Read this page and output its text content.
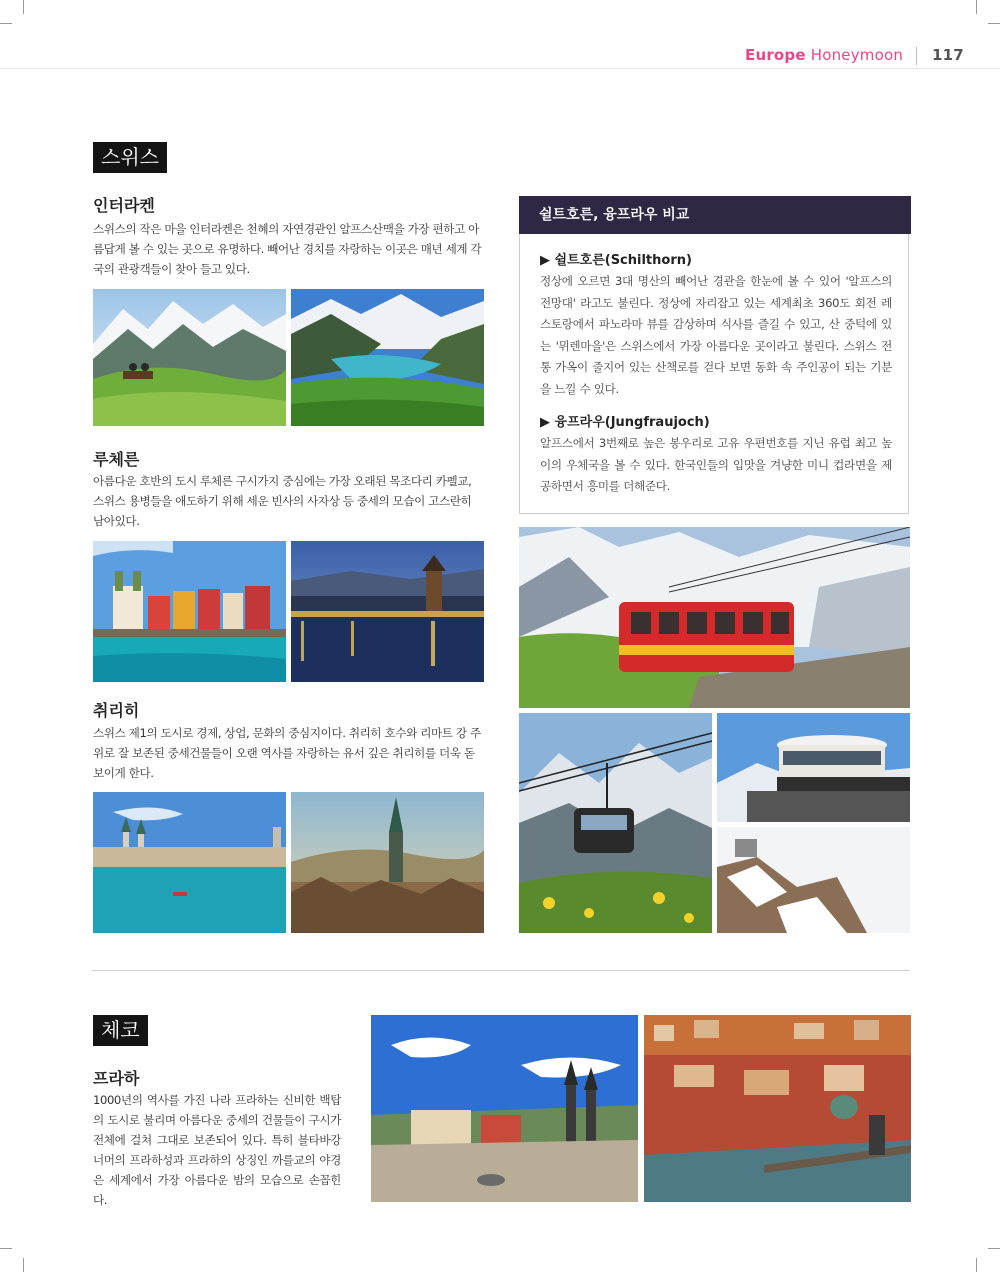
Europe Honeymoon 117
스위스
인터라켄
스위스의 작은 마을 인터라켄은 천혜의 자연경관인 알프스산맥을 가장 편하고 아름답게 볼 수 있는 곳으로 유명하다. 빼어난 경치를 자랑하는 이곳은 매년 세계 각국의 관광객들이 찾아 들고 있다.
루체른
아름다운 호반의 도시 루체른 구시가지 중심에는 가장 오래된 목조다리 카펠교, 스위스 용병들을 애도하기 위해 세운 빈사의 사자상 등 중세의 모습이 고스란히 남아있다.
취리히
스위스 제1의 도시로 경제, 상업, 문화의 중심지이다. 취리히 호수와 리마트 강 주위로 잘 보존된 중세건물들이 오랜 역사를 자랑하는 유서 깊은 취리히를 더욱 돋보이게 한다.
쉴트호른, 융프라우 비교
▶ 쉴트호른(Schilthorn)
정상에 오르면 3대 명산의 빼어난 경관을 한눈에 볼 수 있어 '알프스의 전망대' 라고도 불린다. 정상에 자리잡고 있는 세계최초 360도 회전 레스토랑에서 파노라마 뷰를 감상하며 식사를 즐길 수 있고, 산 중턱에 있는 '뮈렌마을'은 스위스에서 가장 아름다운 곳이라고 불린다. 스위스 전통 가옥이 줄지어 있는 산책로를 걷다 보면 동화 속 주인공이 되는 기분을 느낄 수 있다.
▶ 융프라우(Jungfraujoch)
알프스에서 3번째로 높은 봉우리로 고유 우편번호를 지닌 유럽 최고 높이의 우체국을 볼 수 있다. 한국인들의 입맛을 겨냥한 미니 컵라면을 제공하면서 흥미를 더해준다.
체코
프라하
1000년의 역사를 가진 나라 프라하는 신비한 백탑의 도시로 불리며 아름다운 중세의 건물들이 구시가 전체에 걸쳐 그대로 보존되어 있다. 특히 블타바강 너머의 프라하성과 프라하의 상징인 까를교의 야경은 세계에서 가장 아름다운 밤의 모습으로 손꼽힌다.
